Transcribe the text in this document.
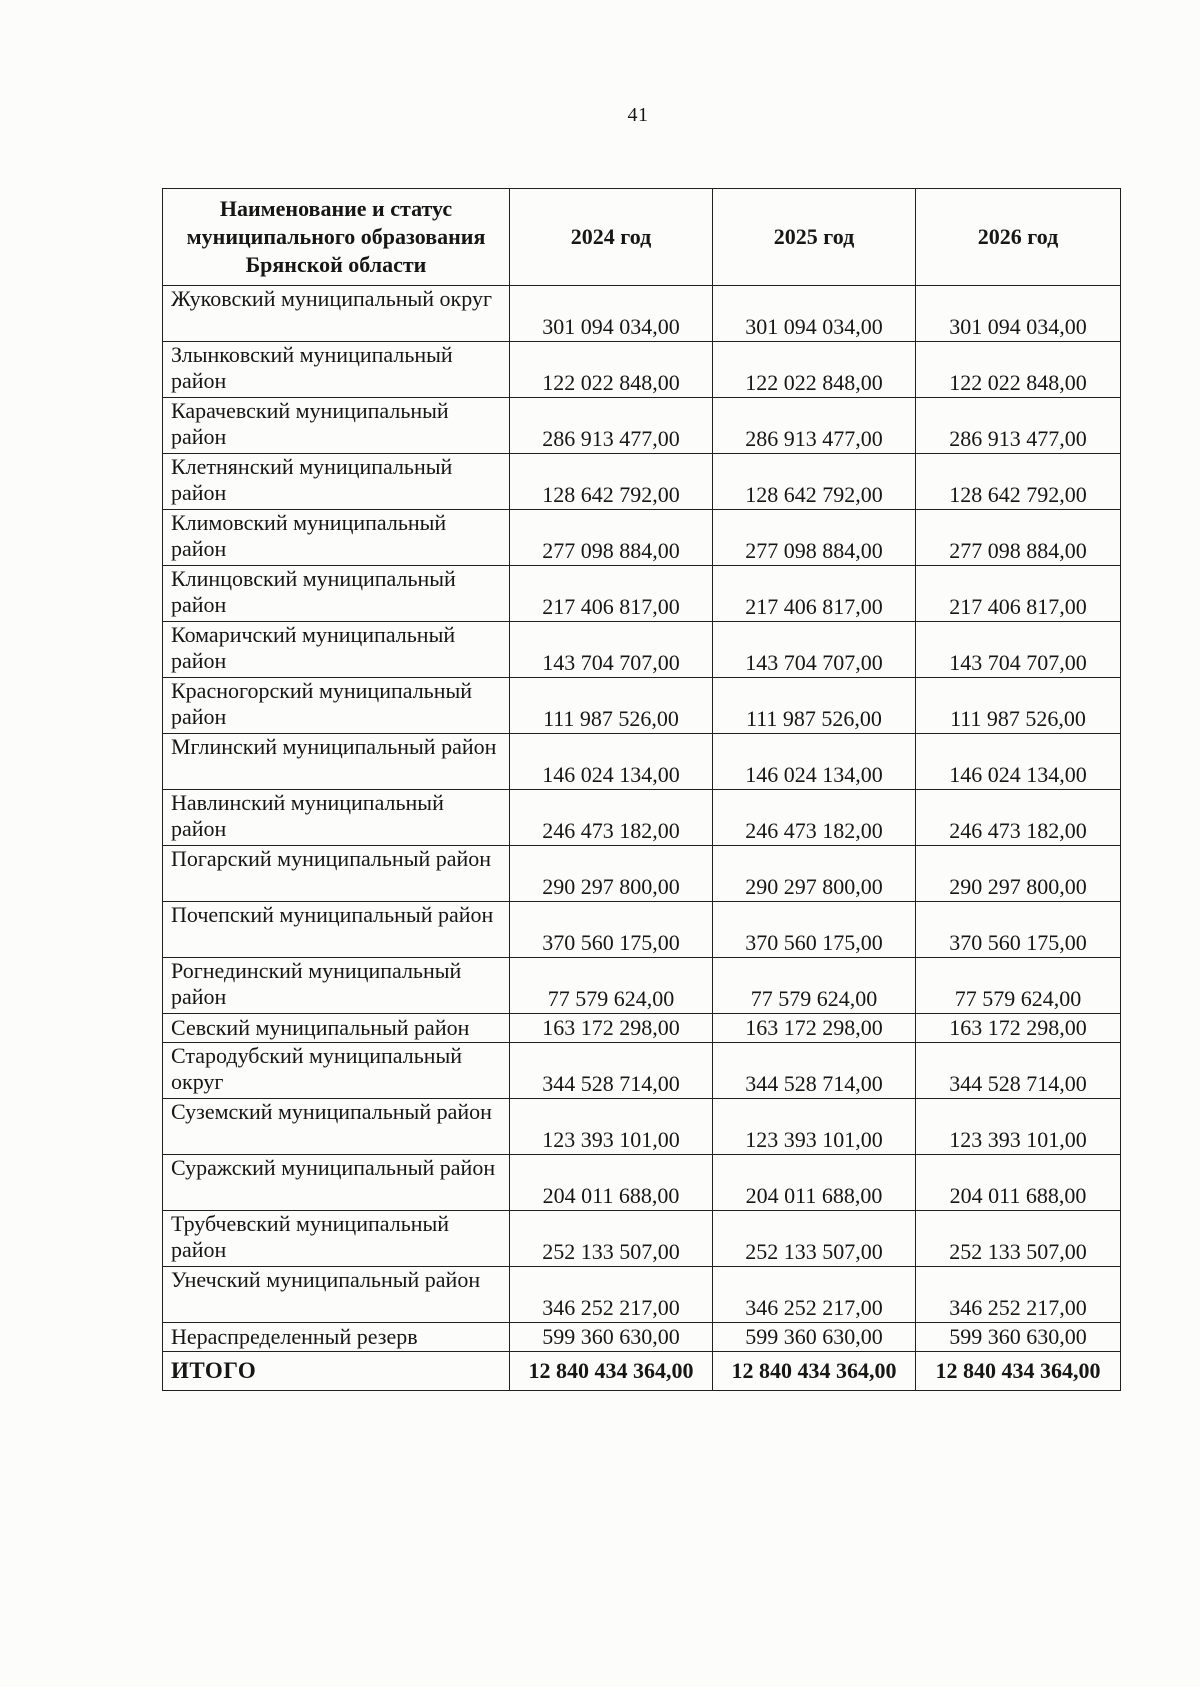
41
Наименование и статус муниципального образования Брянской области	2024 год	2025 год	2026 год
Жуковский муниципальный округ	301 094 034,00	301 094 034,00	301 094 034,00
Злынковский муниципальный район	122 022 848,00	122 022 848,00	122 022 848,00
Карачевский муниципальный район	286 913 477,00	286 913 477,00	286 913 477,00
Клетнянский муниципальный район	128 642 792,00	128 642 792,00	128 642 792,00
Климовский муниципальный район	277 098 884,00	277 098 884,00	277 098 884,00
Клинцовский муниципальный район	217 406 817,00	217 406 817,00	217 406 817,00
Комаричский муниципальный район	143 704 707,00	143 704 707,00	143 704 707,00
Красногорский муниципальный район	111 987 526,00	111 987 526,00	111 987 526,00
Мглинский муниципальный район	146 024 134,00	146 024 134,00	146 024 134,00
Навлинский муниципальный район	246 473 182,00	246 473 182,00	246 473 182,00
Погарский муниципальный район	290 297 800,00	290 297 800,00	290 297 800,00
Почепский муниципальный район	370 560 175,00	370 560 175,00	370 560 175,00
Рогнединский муниципальный район	77 579 624,00	77 579 624,00	77 579 624,00
Севский муниципальный район	163 172 298,00	163 172 298,00	163 172 298,00
Стародубский муниципальный округ	344 528 714,00	344 528 714,00	344 528 714,00
Суземский муниципальный район	123 393 101,00	123 393 101,00	123 393 101,00
Суражский муниципальный район	204 011 688,00	204 011 688,00	204 011 688,00
Трубчевский муниципальный район	252 133 507,00	252 133 507,00	252 133 507,00
Унечский муниципальный район	346 252 217,00	346 252 217,00	346 252 217,00
Нераспределенный резерв	599 360 630,00	599 360 630,00	599 360 630,00
ИТОГО	12 840 434 364,00	12 840 434 364,00	12 840 434 364,00
